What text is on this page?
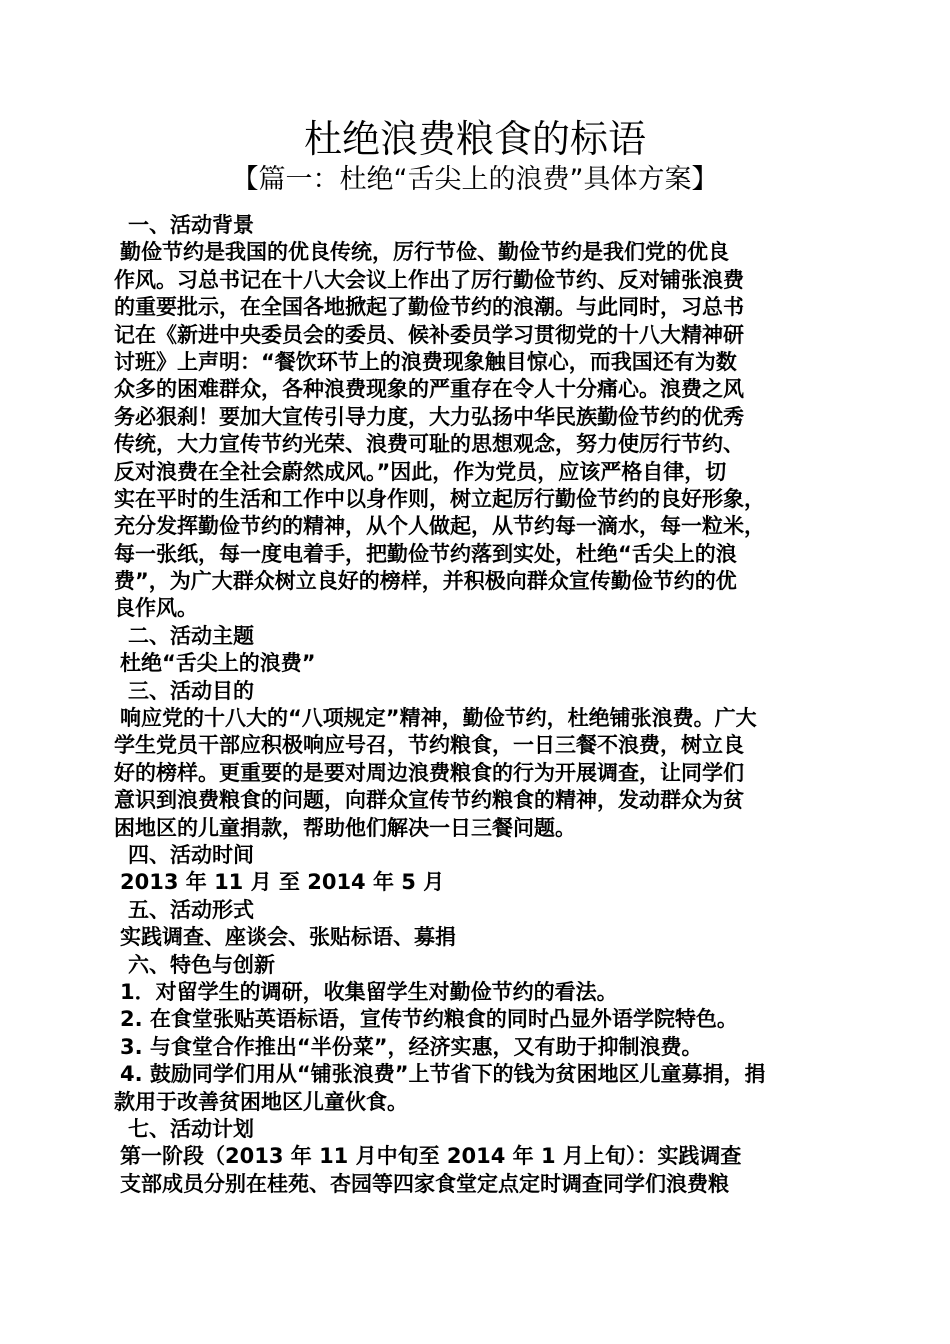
杜绝浪费粮食的标语
【篇一：杜绝“舌尖上的浪费”具体方案】
一、活动背景
勤俭节约是我国的优良传统，厉行节俭、勤俭节约是我们党的优良
作风。习总书记在十八大会议上作出了厉行勤俭节约、反对铺张浪费
的重要批示，在全国各地掀起了勤俭节约的浪潮。与此同时，习总书
记在《新进中央委员会的委员、候补委员学习贯彻党的十八大精神研
讨班》上声明：“餐饮环节上的浪费现象触目惊心，而我国还有为数
众多的困难群众，各种浪费现象的严重存在令人十分痛心。浪费之风
务必狠刹！要加大宣传引导力度，大力弘扬中华民族勤俭节约的优秀
传统，大力宣传节约光荣、浪费可耻的思想观念，努力使厉行节约、
反对浪费在全社会蔚然成风。”因此，作为党员，应该严格自律，切
实在平时的生活和工作中以身作则，树立起厉行勤俭节约的良好形象，
充分发挥勤俭节约的精神，从个人做起，从节约每一滴水，每一粒米，
每一张纸，每一度电着手，把勤俭节约落到实处，杜绝“舌尖上的浪
费”，为广大群众树立良好的榜样，并积极向群众宣传勤俭节约的优
良作风。
二、活动主题
杜绝“舌尖上的浪费”
三、活动目的
响应党的十八大的“八项规定”精神，勤俭节约，杜绝铺张浪费。广大
学生党员干部应积极响应号召，节约粮食，一日三餐不浪费，树立良
好的榜样。更重要的是要对周边浪费粮食的行为开展调查，让同学们
意识到浪费粮食的问题，向群众宣传节约粮食的精神，发动群众为贫
困地区的儿童捐款，帮助他们解决一日三餐问题。
四、活动时间
2013 年 11 月 至 2014 年 5 月
五、活动形式
实践调查、座谈会、张贴标语、募捐
六、特色与创新
1．对留学生的调研，收集留学生对勤俭节约的看法。
2. 在食堂张贴英语标语，宣传节约粮食的同时凸显外语学院特色。
3. 与食堂合作推出“半份菜”，经济实惠，又有助于抑制浪费。
4. 鼓励同学们用从“铺张浪费”上节省下的钱为贫困地区儿童募捐，捐
款用于改善贫困地区儿童伙食。
七、活动计划
第一阶段（2013 年 11 月中旬至 2014 年 1 月上旬）：实践调查
支部成员分别在桂苑、杏园等四家食堂定点定时调查同学们浪费粮
